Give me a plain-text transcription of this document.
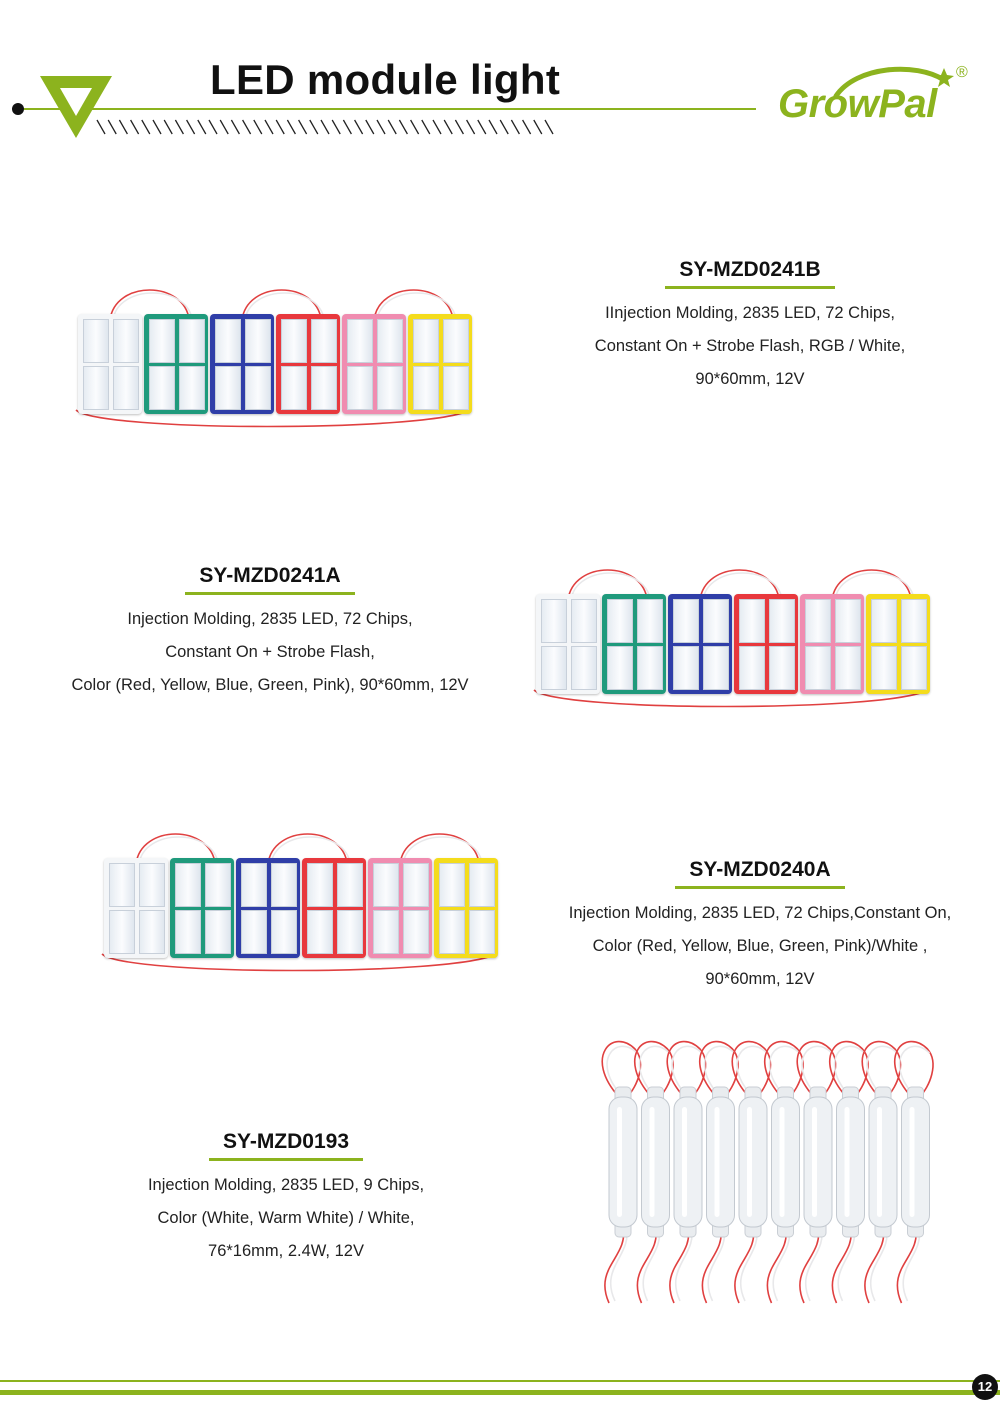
LED module light
GrowPal
®
SY-MZD0241B
IInjection Molding, 2835 LED, 72 Chips,
Constant On + Strobe Flash, RGB / White,
90*60mm, 12V
SY-MZD0241A
Injection Molding, 2835 LED, 72 Chips,
Constant On + Strobe Flash,
Color (Red, Yellow, Blue, Green, Pink), 90*60mm, 12V
SY-MZD0240A
Injection Molding, 2835 LED, 72 Chips,Constant On,
Color (Red, Yellow, Blue, Green, Pink)/White ,
90*60mm, 12V
SY-MZD0193
Injection Molding, 2835 LED, 9 Chips,
Color (White, Warm White) / White,
76*16mm, 2.4W, 12V
12
